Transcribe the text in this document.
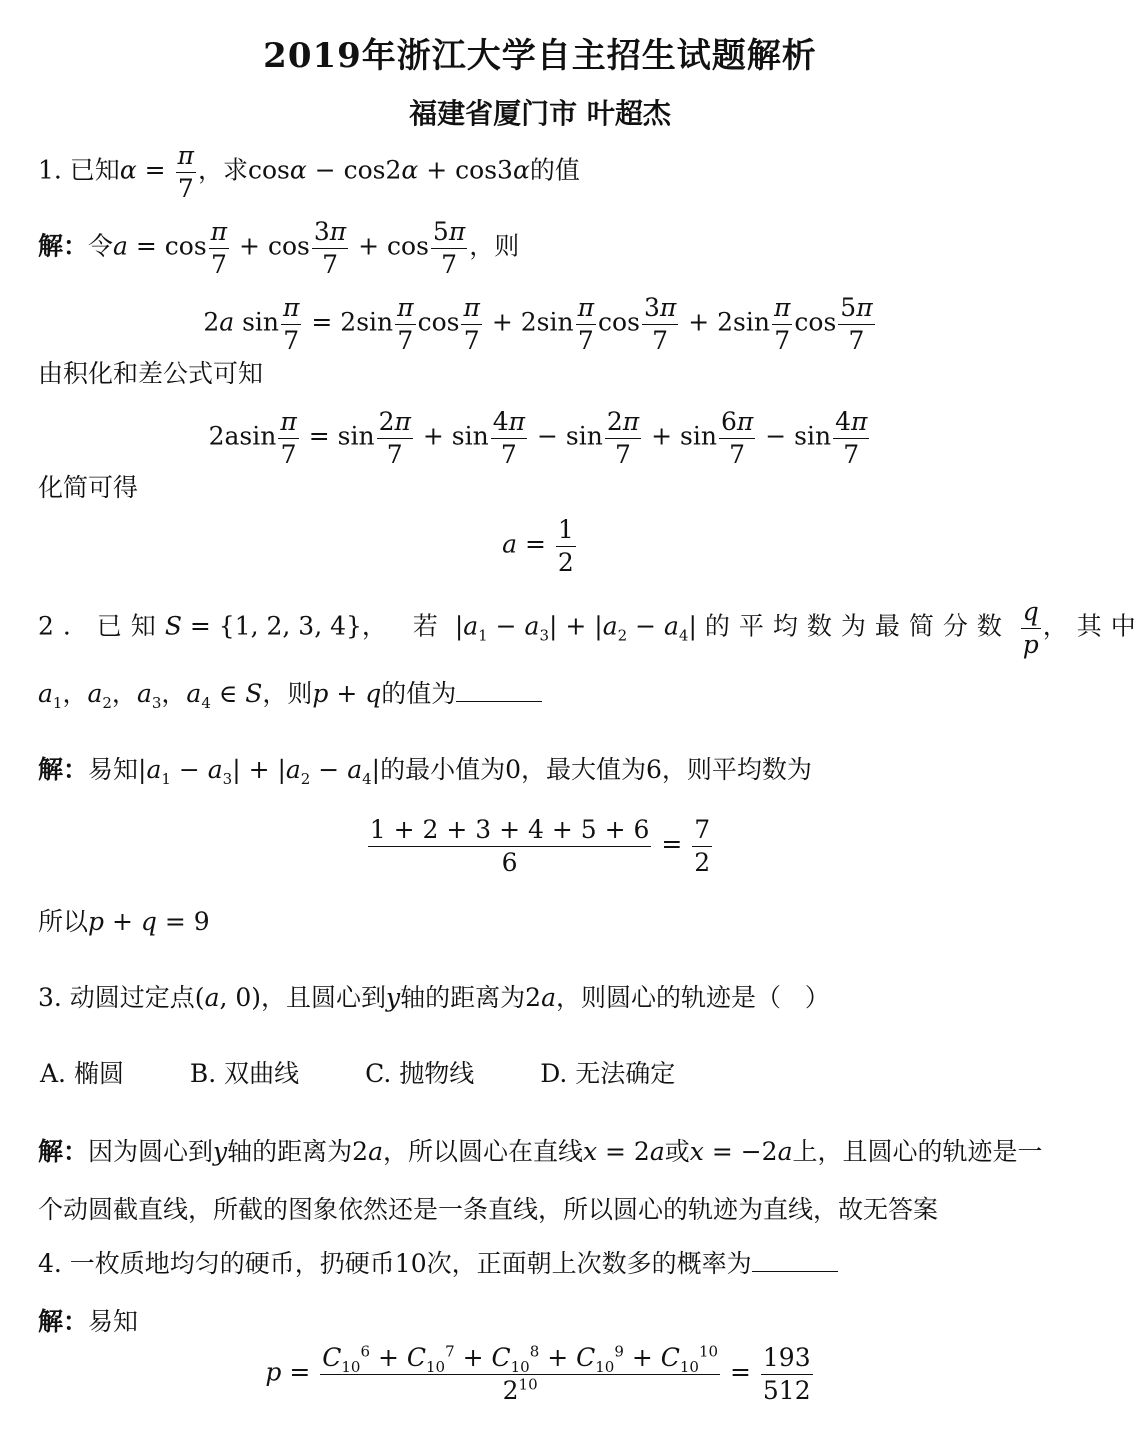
2019年浙江大学自主招生试题解析
福建省厦门市 叶超杰
1. 已知$\alpha = \frac{\pi}{7}$ ，求cosα − cos2α + cos3α的值
解：令$a = \cos \frac{\pi}{7} + \cos \frac{3\pi}{7} + \cos \frac{5\pi}{7}$ ，则
2a $\sin \frac{\pi}{7} = 2\sin \frac{\pi}{7}$ $\cos \frac{\pi}{7} + 2\sin \frac{\pi}{7}$ $\cos \frac{3\pi}{7} + 2\sin \frac{\pi}{7}$ $\cos \frac{5\pi}{7}$
由积化和差公式可知
$2asin \frac{\pi}{7} = \sin \frac{2\pi}{7} + \sin \frac{4\pi}{7} - \sin \frac{2\pi}{7} + \sin \frac{6\pi}{7} - \sin \frac{4\pi}{7}$
化简可得
$a = \frac{1}{2}$
2. 已知S = {1, 2, 3, 4}， 若 $|a_1 - a_3| + |a_2 - a_4|$ 的平均数为最简分数 $\frac{q}{p}$ ，其中
$a_1$，$a_2$，$a_3$，$a_4$ ∈ S，则p + q的值为
解：易知$|a_1 - a_3| + |a_2 - a_4|$的最小值为0，最大值为6，则平均数为
$\frac{1 + 2 + 3 + 4 + 5 + 6}{6} = \frac{7}{2}$
所以p + q = 9
3. 动圆过定点(a, 0)，且圆心到y轴的距离为2a，则圆心的轨迹是（   ）
A. 椭圆	B. 双曲线	C. 抛物线	D. 无法确定
解：因为圆心到y轴的距离为2a，所以圆心在直线x = 2a或x = −2a上，且圆心的轨迹是一
个动圆截直线，所截的图象依然还是一条直线，所以圆心的轨迹为直线，故无答案
4. 一枚质地均匀的硬币，扔硬币10次，正面朝上次数多的概率为
解：易知
$p = \frac{C_{10}^6 + C_{10}^7 + C_{10}^8 + C_{10}^9 + C_{10}^{10}}{2^{10}} = \frac{193}{512}$
